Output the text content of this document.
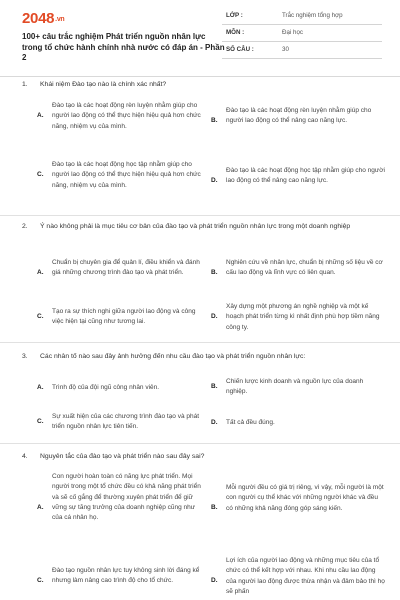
2048.vn
100+ câu trắc nghiệm Phát triển nguồn nhân lực trong tổ chức hành chính nhà nước có đáp án - Phần 2
LỚP :	Trắc nghiệm tổng hợp
MÔN :	Đại học
SỐ CÂU :	30
1.	Khái niệm Đào tạo nào là chính xác nhất?
A.
Đào tạo là các hoạt động rèn luyện nhằm giúp cho người lao động có thể thực hiện hiệu quả hơn chức năng, nhiệm vụ của mình.
B.
Đào tạo là các hoạt động rèn luyện nhằm giúp cho người lao động có thể nâng cao năng lực.
C.
Đào tạo là các hoạt động học tập nhằm giúp cho người lao động có thể thực hiện hiệu quả hơn chức năng, nhiệm vụ của mình.
D.
Đào tạo là các hoạt động học tập nhằm giúp cho người lao động có thể nâng cao năng lực.
2.	Ý nào không phải là mục tiêu cơ bản của đào tạo và phát triển nguồn nhân lực trong một doanh nghiệp
A.
Chuẩn bị chuyên gia để quản lí, điều khiển và đánh giá những chương trình đào tạo và phát triển.	B.
Nghiên cứu về nhân lực, chuẩn bị những số liệu về cơ cấu lao động và lĩnh vực có liên quan.
C.
Tạo ra sự thích nghi giữa người lao động và công việc hiện tại cũng như tương lai.
D.
Xây dựng một phương án nghề nghiệp và một kế hoạch phát triển từng kì nhất định phù hợp tiềm năng công ty.
3.	Các nhân tố nào sau đây ảnh hưởng đến nhu cầu đào tạo và phát triển nguồn nhân lực:
A. Trình độ của đội ngũ công nhân viên.	B.
Chiến lược kinh doanh và nguồn lực của doanh nghiệp.
C.
Sự xuất hiện của các chương trình đào tạo và phát triển nguồn nhân lực tiên tiến.
D. Tất cả đều đúng.
4.	Nguyên tắc của đào tạo và phát triển nào sau đây sai?
A.
Con người hoàn toàn có năng lực phát triển. Mọi người trong một tổ chức đều có khả năng phát triển và sẽ cố gắng để thường xuyên phát triển để giữ vững sự tăng trưởng của doanh nghiệp cũng như của cá nhân họ.
B.
Mỗi người đều có giá trị riêng, vì vậy, mỗi người là một con người cụ thể khác với những người khác và đều có những khả năng đóng góp sáng kiến.
C.
Đào tạo nguồn nhân lực tuy không sinh lời đáng kể nhưng làm nâng cao trình độ cho tổ chức.	D.
Lợi ích của người lao động và những mục tiêu của tổ chức có thể kết hợp với nhau. Khi nhu cầu lao động của người lao động được thừa nhận và đảm bảo thì họ sẽ phấn
